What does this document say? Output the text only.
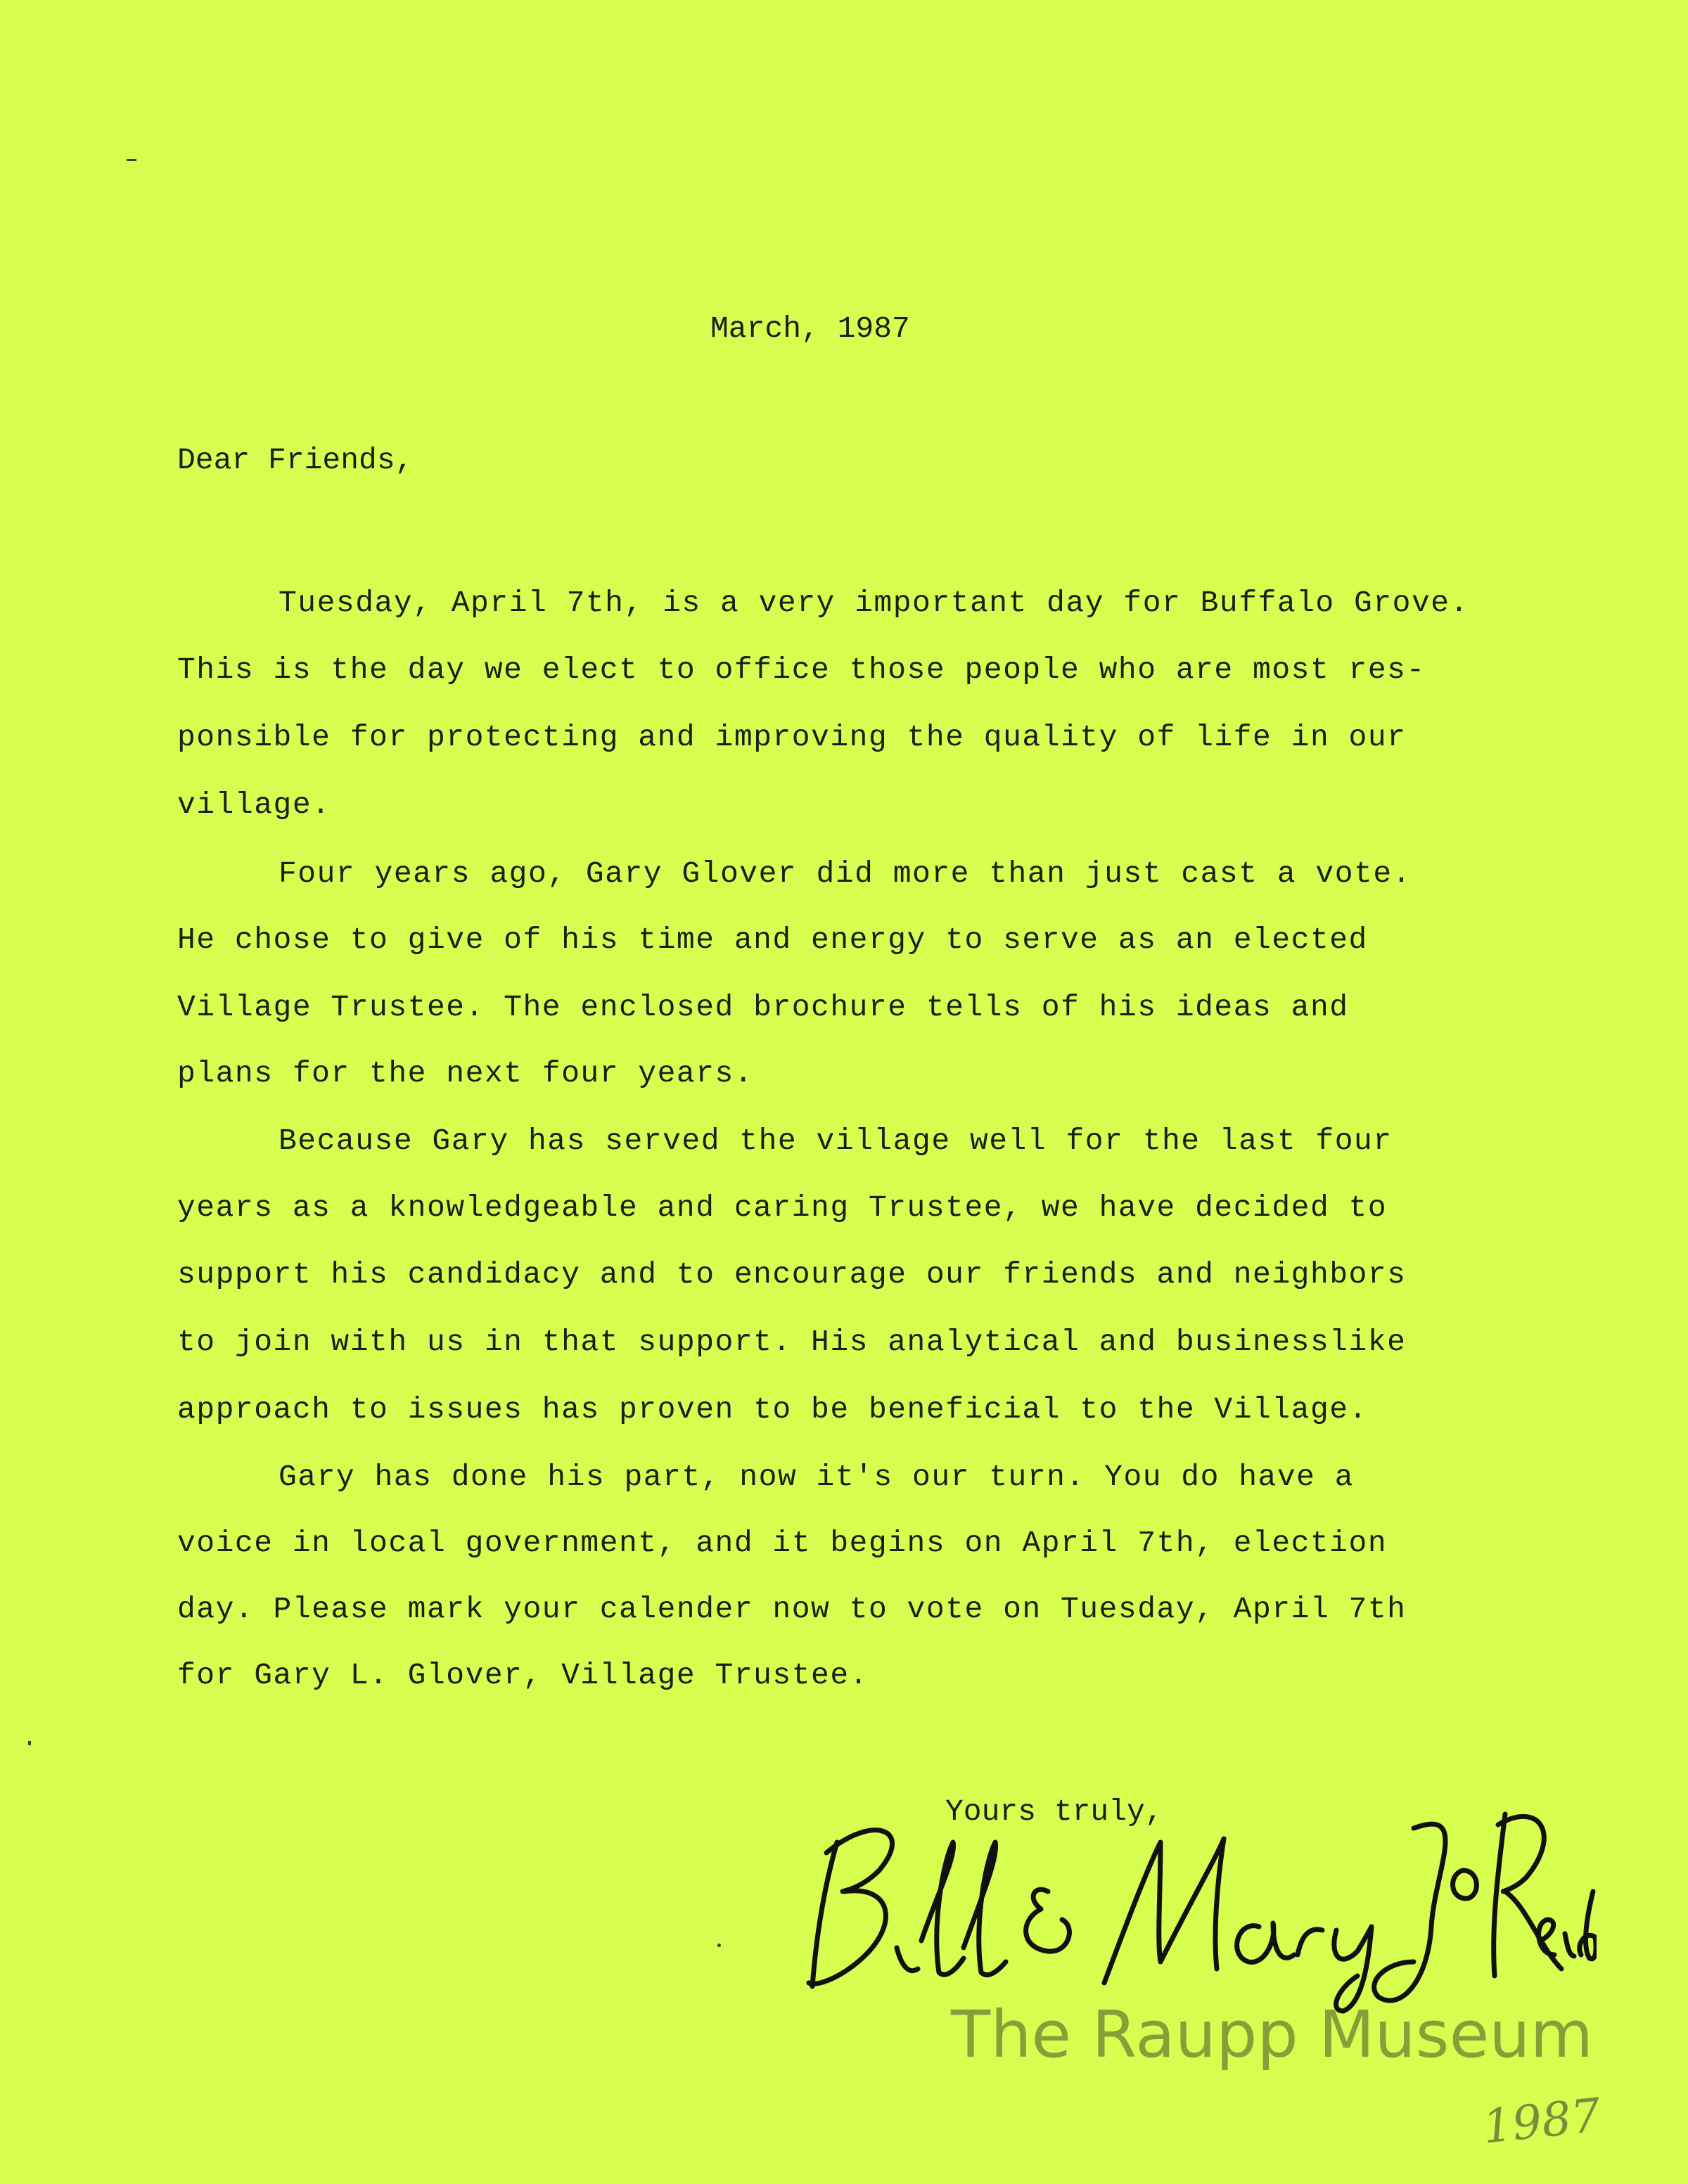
March, 1987
Dear Friends,
Tuesday, April 7th, is a very important day for Buffalo Grove.
This is the day we elect to office those people who are most res-
ponsible for protecting and improving the quality of life in our
village.
Four years ago, Gary Glover did more than just cast a vote.
He chose to give of his time and energy to serve as an elected
Village Trustee. The enclosed brochure tells of his ideas and
plans for the next four years.
Because Gary has served the village well for the last four
years as a knowledgeable and caring Trustee, we have decided to
support his candidacy and to encourage our friends and neighbors
to join with us in that support. His analytical and businesslike
approach to issues has proven to be beneficial to the Village.
Gary has done his part, now it's our turn. You do have a
voice in local government, and it begins on April 7th, election
day. Please mark your calender now to vote on Tuesday, April 7th
for Gary L. Glover, Village Trustee.
Yours truly,
The Raupp Museum
1987
